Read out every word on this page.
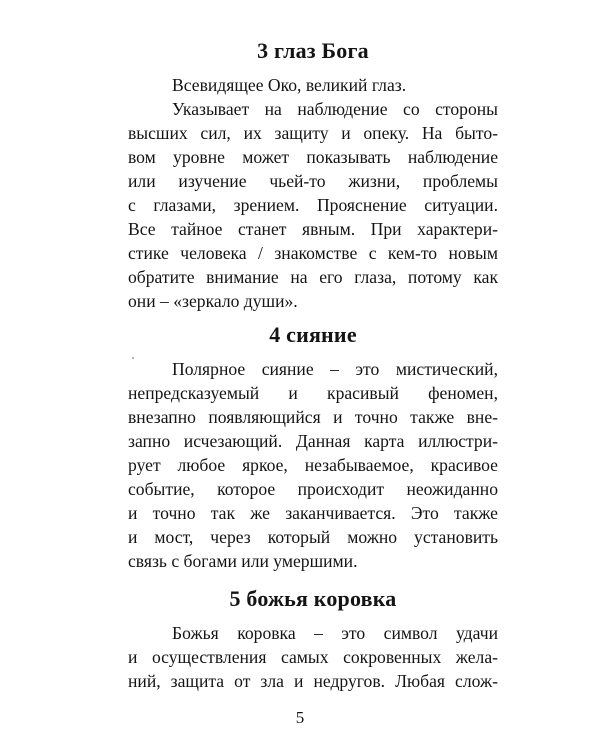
3 глаз Бога

Всевидящее Око, великий глаз.
Указывает на наблюдение со стороны
высших сил, их защиту и опеку. На быто-
вом уровне может показывать наблюдение
или изучение чьей-то жизни, проблемы
с глазами, зрением. Прояснение ситуации.
Все тайное станет явным. При характери-
стике человека / знакомстве с кем-то новым
обратите внимание на его глаза, потому как
они – «зеркало души».

4 сияние

Полярное сияние – это мистический,
непредсказуемый и красивый феномен,
внезапно появляющийся и точно также вне-
запно исчезающий. Данная карта иллюстри-
рует любое яркое, незабываемое, красивое
событие, которое происходит неожиданно
и точно так же заканчивается. Это также
и мост, через который можно установить
связь с богами или умершими.

5 божья коровка

Божья коровка – это символ удачи
и осуществления самых сокровенных жела-
ний, защита от зла и недругов. Любая слож-

5
